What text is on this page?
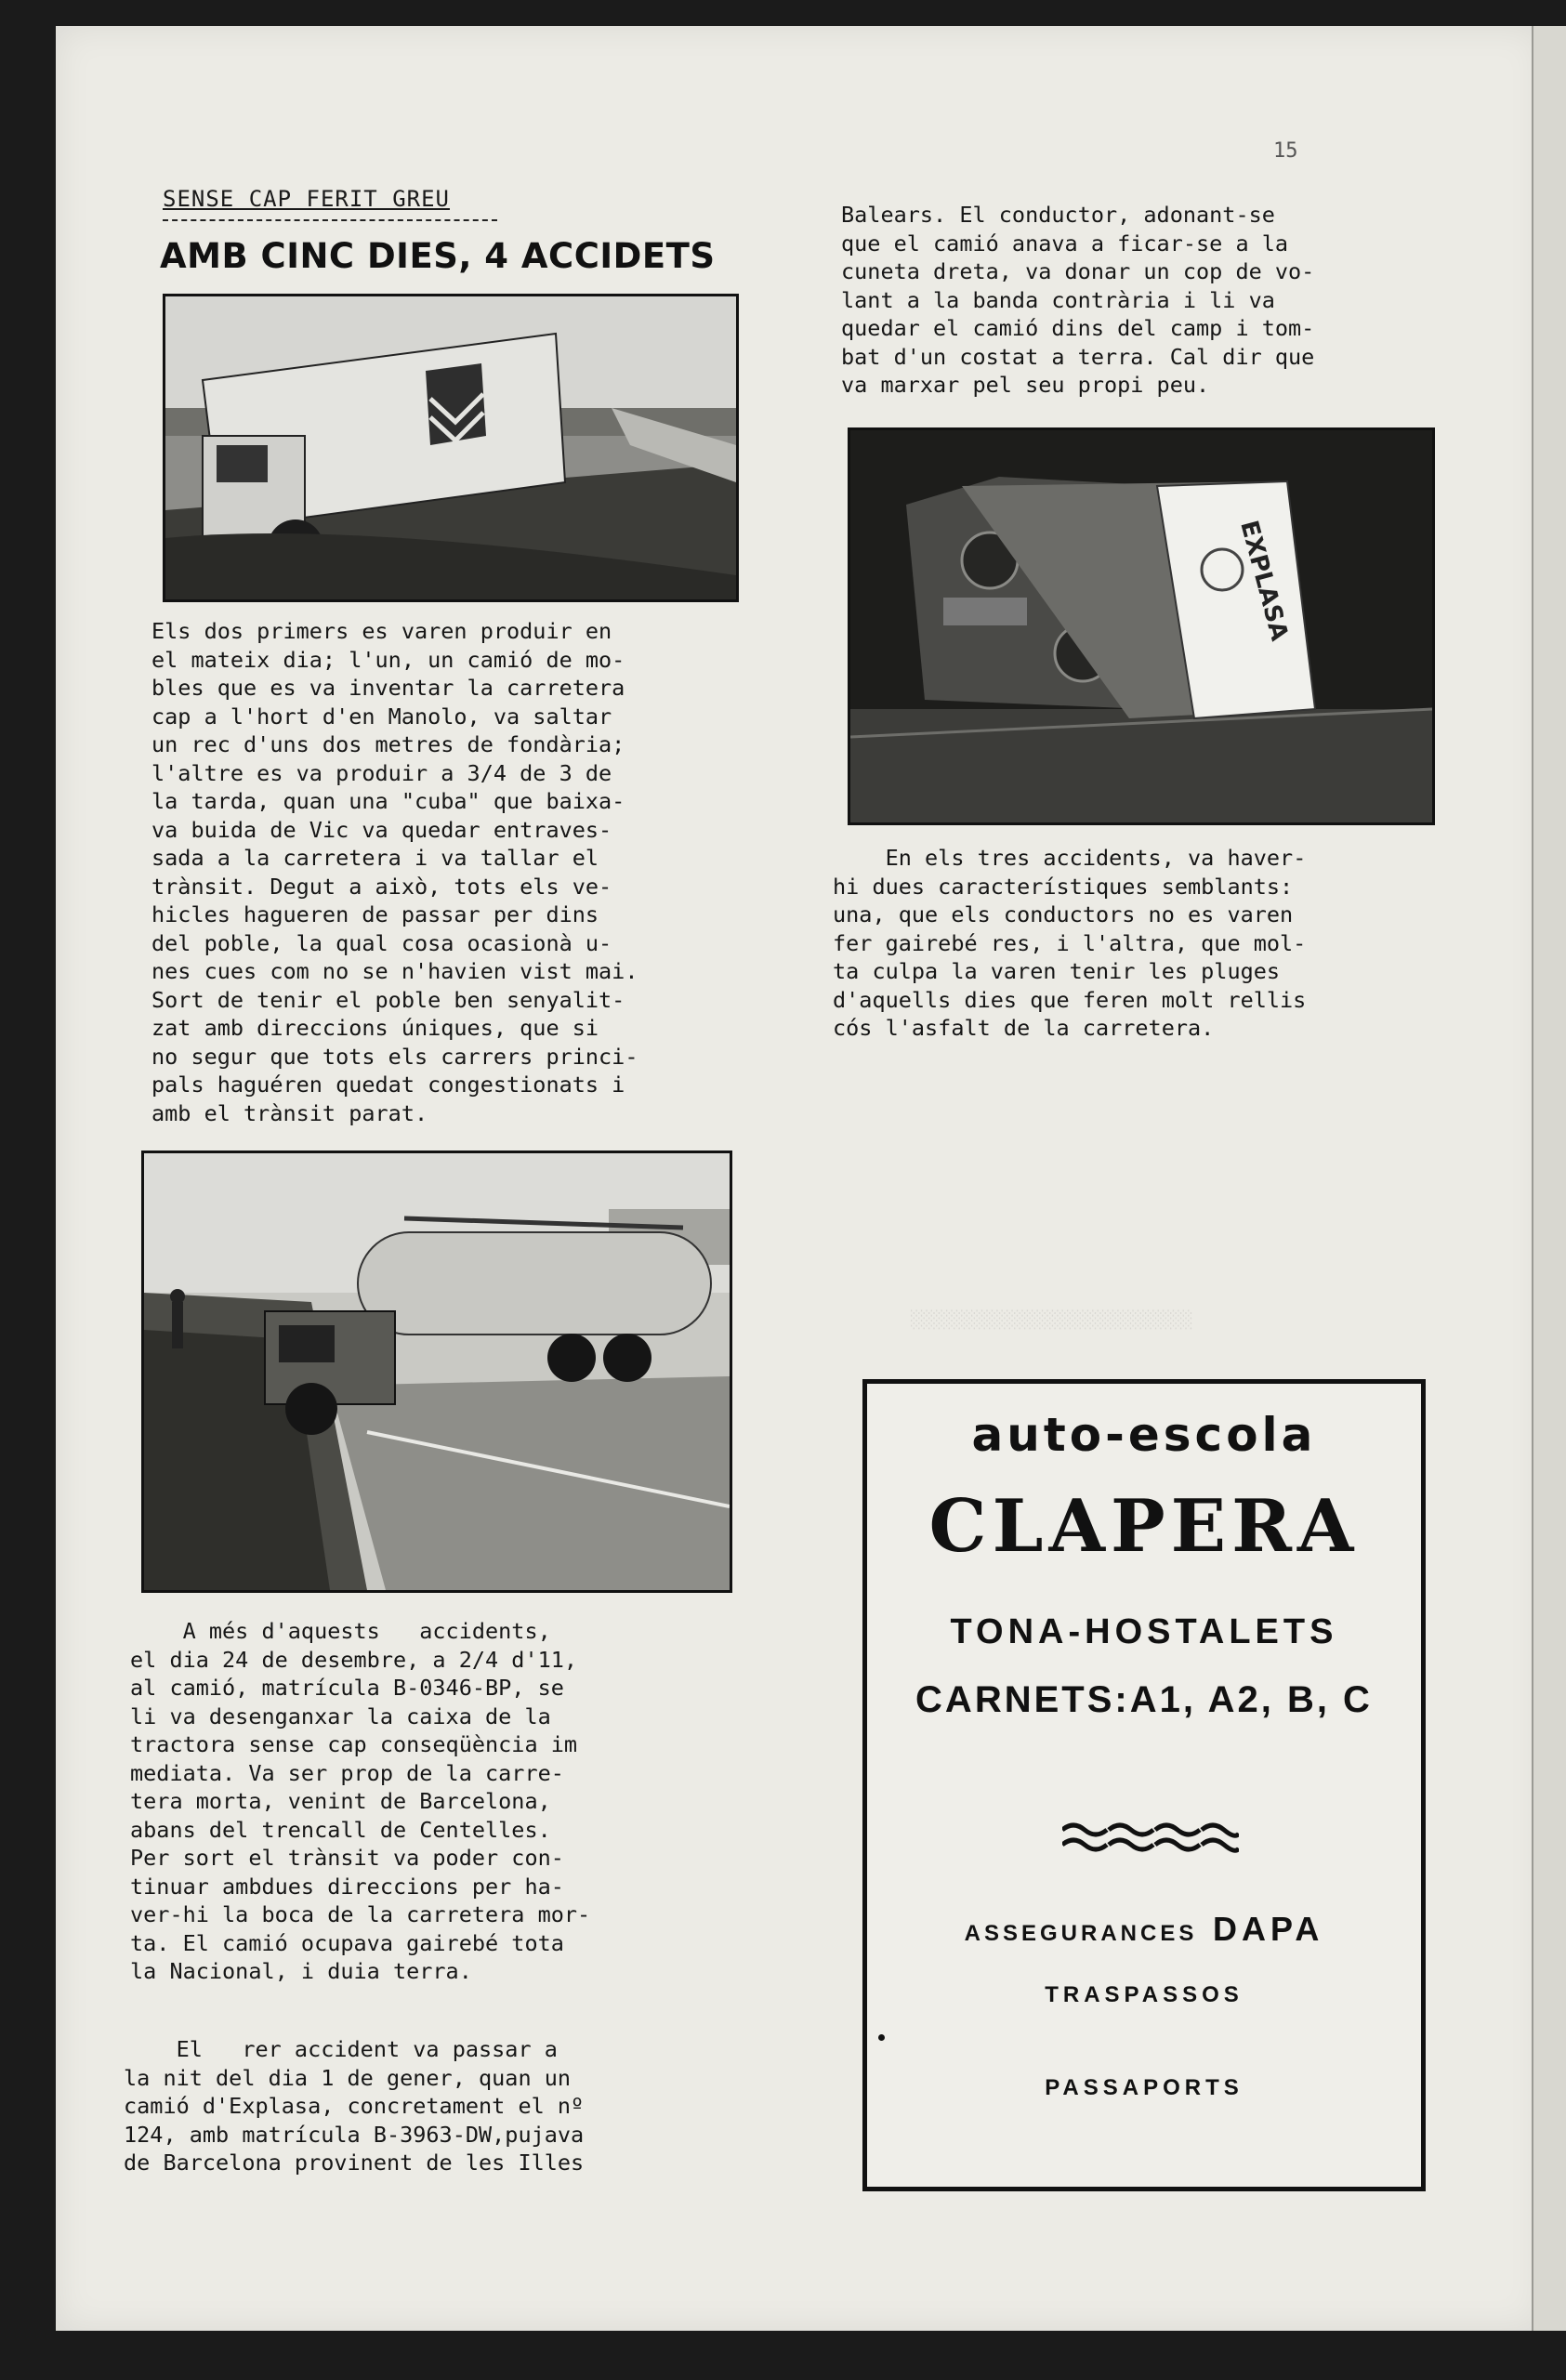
15
SENSE CAP FERIT GREU
AMB CINC DIES, 4 ACCIDETS
Els dos primers es varen produir en
el mateix dia; l'un, un camió de mo-
bles que es va inventar la carretera
cap a l'hort d'en Manolo, va saltar
un rec d'uns dos metres de fondària;
l'altre es va produir a 3/4 de 3 de
la tarda, quan una "cuba" que baixa-
va buida de Vic va quedar entraves-
sada a la carretera i va tallar el
trànsit. Degut a això, tots els ve-
hicles hagueren de passar per dins
del poble, la qual cosa ocasionà u-
nes cues com no se n'havien vist mai.
Sort de tenir el poble ben senyalit-
zat amb direccions úniques, que si
no segur que tots els carrers princi-
pals haguéren quedat congestionats i
amb el trànsit parat.
A més d'aquests   accidents,
el dia 24 de desembre, a 2/4 d'11,
al camió, matrícula B-0346-BP, se
li va desenganxar la caixa de la
tractora sense cap conseqüència im
mediata. Va ser prop de la carre-
tera morta, venint de Barcelona,
abans del trencall de Centelles.
Per sort el trànsit va poder con-
tinuar ambdues direccions per ha-
ver-hi la boca de la carretera mor-
ta. El camió ocupava gairebé tota
la Nacional, i duia terra.
El   rer accident va passar a
la nit del dia 1 de gener, quan un
camió d'Explasa, concretament el nº
124, amb matrícula B-3963-DW,pujava
de Barcelona provinent de les Illes
Balears. El conductor, adonant-se
que el camió anava a ficar-se a la
cuneta dreta, va donar un cop de vo-
lant a la banda contrària i li va
quedar el camió dins del camp i tom-
bat d'un costat a terra. Cal dir que
va marxar pel seu propi peu.
EXPLASA
En els tres accidents, va haver-
hi dues característiques semblants:
una, que els conductors no es varen
fer gairebé res, i l'altra, que mol-
ta culpa la varen tenir les pluges
d'aquells dies que feren molt rellis
cós l'asfalt de la carretera.
░░░░░░░░░░░░░░░░░░░░░░░░░░░░
auto-escola
CLAPERA
TONA-HOSTALETS
CARNETS:A1, A2, B, C
ASSEGURANCES DAPA
TRASPASSOS
PASSAPORTS
